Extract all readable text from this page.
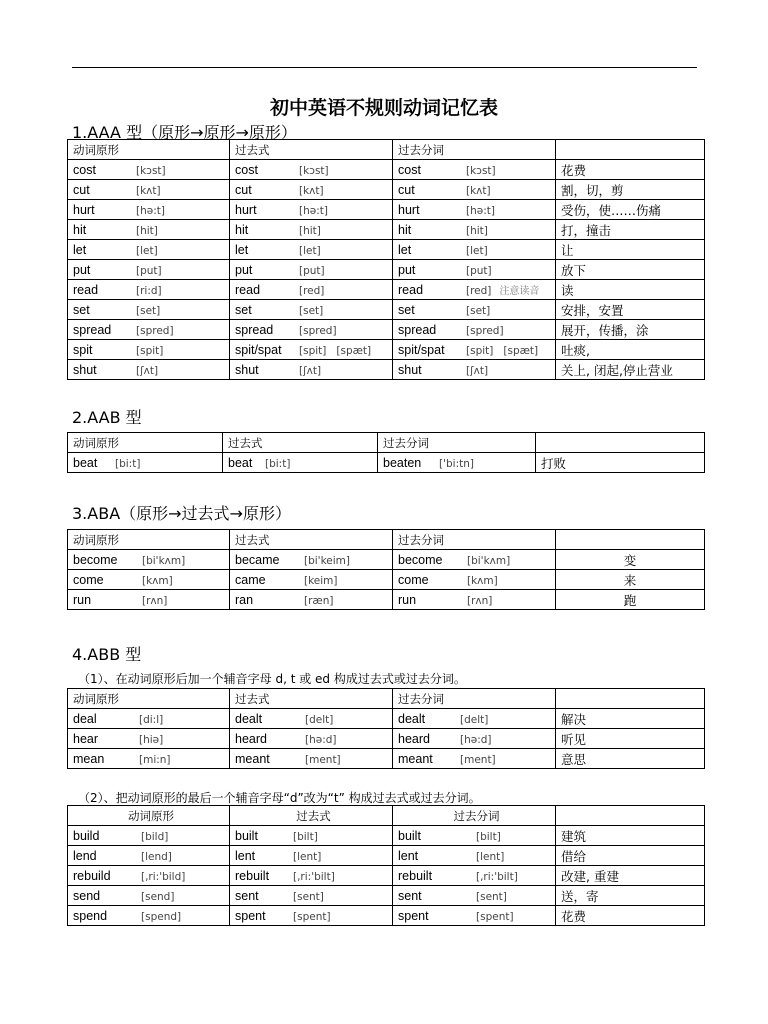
初中英语不规则动词记忆表
1.AAA 型（原形→原形→原形）
动词原形	过去式	过去分词	
cost [kɔst]	cost [kɔst]	cost [kɔst]	花费
cut [kʌt]	cut [kʌt]	cut [kʌt]	割，切，剪
hurt [hə:t]	hurt [hə:t]	hurt [hə:t]	受伤，使……伤痛
hit [hit]	hit [hit]	hit [hit]	打，撞击
let [let]	let [let]	let [let]	让
put [put]	put [put]	put [put]	放下
read [ri:d]	read [red]	read [red] 注意读音	读
set [set]	set [set]	set [set]	安排，安置
spread [spred]	spread [spred]	spread [spred]	展开，传播，涂
spit [spit]	spit/spat [spit] [spæt]	spit/spat [spit] [spæt]	吐痰,
shut [ʃʌt]	shut [ʃʌt]	shut [ʃʌt]	关上, 闭起,停止营业
2.AAB 型
动词原形	过去式	过去分词	
beat [bi:t]	beat [bi:t]	beaten ['bi:tn]	打败
3.ABA（原形→过去式→原形）
动词原形	过去式	过去分词	
become [bi'kʌm]	became [bi'keim]	become [bi'kʌm]	变
come [kʌm]	came [keim]	come [kʌm]	来
run [rʌn]	ran [ræn]	run [rʌn]	跑
4.ABB 型
（1）、在动词原形后加一个辅音字母 d, t 或 ed 构成过去式或过去分词。
动词原形	过去式	过去分词	
deal [di:l]	dealt [delt]	dealt [delt]	解决
hear [hiə]	heard [hə:d]	heard [hə:d]	听见
mean [mi:n]	meant [ment]	meant [ment]	意思
（2）、把动词原形的最后一个辅音字母“d”改为“t” 构成过去式或过去分词。
动词原形	过去式	过去分词	
build [bild]	built [bilt]	built [bilt]	建筑
lend [lend]	lent [lent]	lent [lent]	借给
rebuild [,ri:'bild]	rebuilt [,ri:'bilt]	rebuilt [,ri:'bilt]	改建, 重建
send [send]	sent [sent]	sent [sent]	送，寄
spend [spend]	spent [spent]	spent [spent]	花费
